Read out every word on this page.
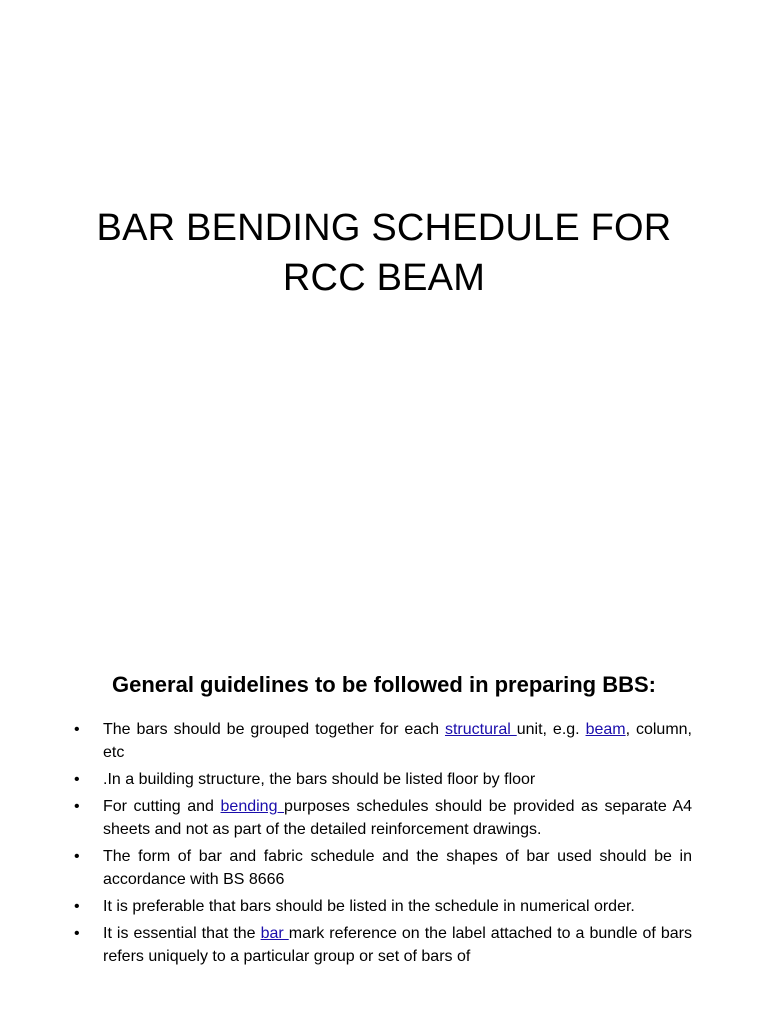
BAR BENDING SCHEDULE FOR
RCC BEAM
General guidelines to be followed in preparing BBS:
• The bars should be grouped together for each structural unit, e.g. beam, column, etc
• .In a building structure, the bars should be listed floor by floor
• For cutting and bending purposes schedules should be provided as separate A4 sheets and not as part of the detailed reinforcement drawings.
• The form of bar and fabric schedule and the shapes of bar used should be in accordance with BS 8666
• It is preferable that bars should be listed in the schedule in numerical order.
• It is essential that the bar mark reference on the label attached to a bundle of bars refers uniquely to a particular group or set of bars of
